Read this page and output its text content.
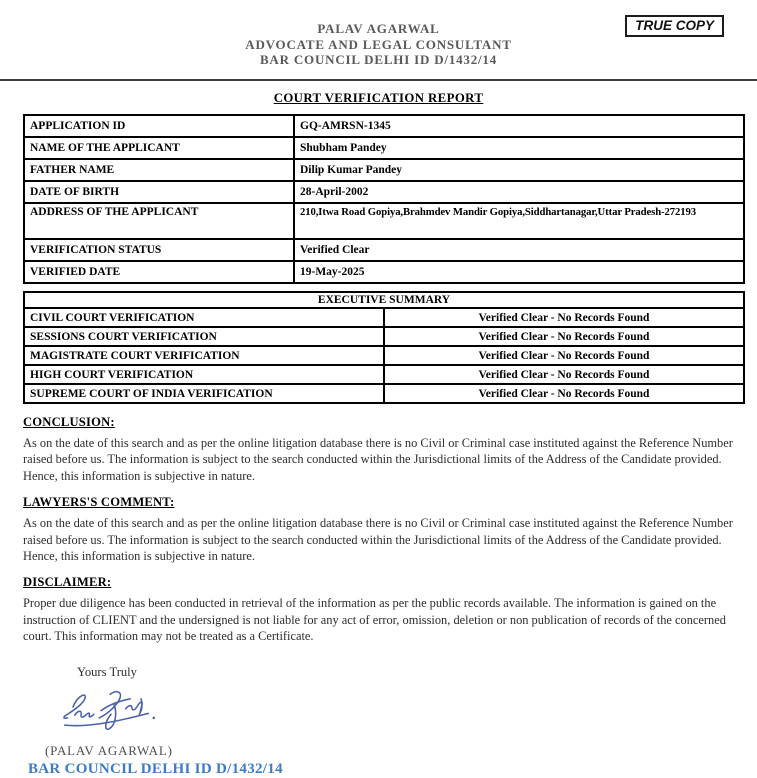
PALAV AGARWAL
ADVOCATE AND LEGAL CONSULTANT
BAR COUNCIL DELHI ID D/1432/14
TRUE COPY
COURT VERIFICATION REPORT
APPLICATION ID	GQ-AMRSN-1345
NAME OF THE APPLICANT	Shubham Pandey
FATHER NAME	Dilip Kumar Pandey
DATE OF BIRTH	28-April-2002
ADDRESS OF THE APPLICANT	210,Itwa Road Gopiya,Brahmdev Mandir Gopiya,Siddhartanagar,Uttar Pradesh-272193
VERIFICATION STATUS	Verified Clear
VERIFIED DATE	19-May-2025
EXECUTIVE SUMMARY	
CIVIL COURT VERIFICATION	Verified Clear - No Records Found
SESSIONS COURT VERIFICATION	Verified Clear - No Records Found
MAGISTRATE COURT VERIFICATION	Verified Clear - No Records Found
HIGH COURT VERIFICATION	Verified Clear - No Records Found
SUPREME COURT OF INDIA VERIFICATION	Verified Clear - No Records Found
CONCLUSION:
As on the date of this search and as per the online litigation database there is no Civil or Criminal case instituted against the Reference Number raised before us. The information is subject to the search conducted within the Jurisdictional limits of the Address of the Candidate provided. Hence, this information is subjective in nature.
LAWYERS'S COMMENT:
As on the date of this search and as per the online litigation database there is no Civil or Criminal case instituted against the Reference Number raised before us. The information is subject to the search conducted within the Jurisdictional limits of the Address of the Candidate provided. Hence, this information is subjective in nature.
DISCLAIMER:
Proper due diligence has been conducted in retrieval of the information as per the public records available. The information is gained on the instruction of CLIENT and the undersigned is not liable for any act of error, omission, deletion or non publication of records of the concerned court. This information may not be treated as a Certificate.
Yours Truly
(PALAV AGARWAL)
BAR COUNCIL DELHI ID D/1432/14
